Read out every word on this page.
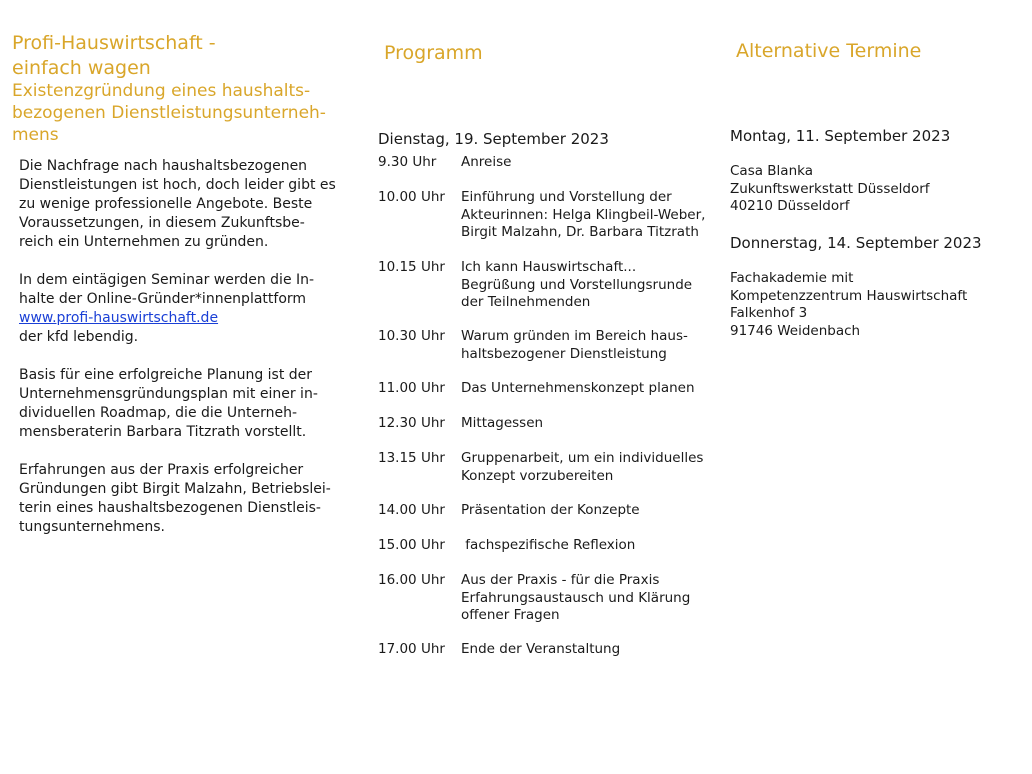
Profi-Hauswirtschaft -
einfach wagen
Existenzgründung eines haushalts-
bezogenen Dienstleistungsunterneh-
mens
Die Nachfrage nach haushaltsbezogenen
Dienstleistungen ist hoch, doch leider gibt es
zu wenige professionelle Angebote. Beste
Voraussetzungen, in diesem Zukunftsbe-
reich ein Unternehmen zu gründen.
In dem eintägigen Seminar werden die In-
halte der Online-Gründer*innenplattform
www.profi-hauswirtschaft.de
der kfd lebendig.
Basis für eine erfolgreiche Planung ist der
Unternehmensgründungsplan mit einer in-
dividuellen Roadmap, die die Unterneh-
mensberaterin Barbara Titzrath vorstellt.
Erfahrungen aus der Praxis erfolgreicher
Gründungen gibt Birgit Malzahn, Betriebslei-
terin eines haushaltsbezogenen Dienstleis-
tungsunternehmens.
Programm
Dienstag, 19. September 2023
9.30 Uhr	Anreise
10.00 Uhr	Einführung und Vorstellung der
Akteurinnen: Helga Klingbeil-Weber,
Birgit Malzahn, Dr. Barbara Titzrath
10.15 Uhr	Ich kann Hauswirtschaft...
Begrüßung und Vorstellungsrunde
der Teilnehmenden
10.30 Uhr	Warum gründen im Bereich haus-
haltsbezogener Dienstleistung
11.00 Uhr	Das Unternehmenskonzept planen
12.30 Uhr	Mittagessen
13.15 Uhr	Gruppenarbeit, um ein individuelles
Konzept vorzubereiten
14.00 Uhr	Präsentation der Konzepte
15.00 Uhr	fachspezifische Reflexion
16.00 Uhr	Aus der Praxis - für die Praxis
Erfahrungsaustausch und Klärung
offener Fragen
17.00 Uhr	Ende der Veranstaltung
Alternative Termine
Montag, 11. September 2023
Casa Blanka
Zukunftswerkstatt Düsseldorf
40210 Düsseldorf
Donnerstag, 14. September 2023
Fachakademie mit
Kompetenzzentrum Hauswirtschaft
Falkenhof 3
91746 Weidenbach
